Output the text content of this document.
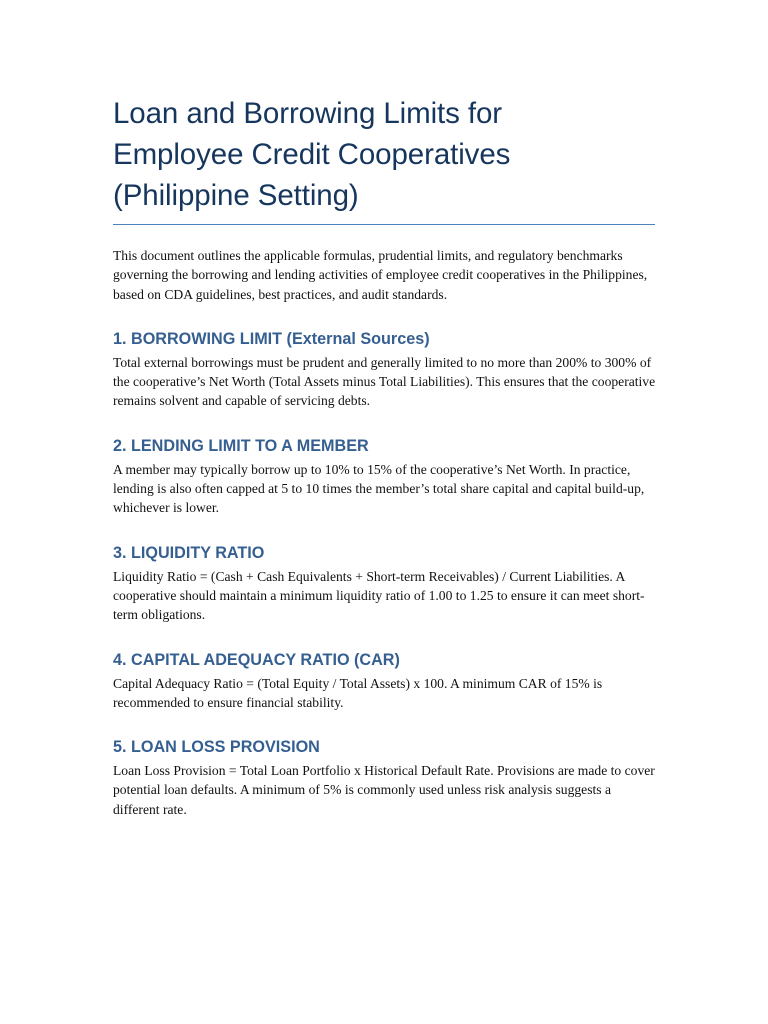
Loan and Borrowing Limits for
Employee Credit Cooperatives
(Philippine Setting)

This document outlines the applicable formulas, prudential limits, and regulatory benchmarks governing the borrowing and lending activities of employee credit cooperatives in the Philippines, based on CDA guidelines, best practices, and audit standards.

1. BORROWING LIMIT (External Sources)

Total external borrowings must be prudent and generally limited to no more than 200% to 300% of the cooperative’s Net Worth (Total Assets minus Total Liabilities). This ensures that the cooperative remains solvent and capable of servicing debts.

2. LENDING LIMIT TO A MEMBER

A member may typically borrow up to 10% to 15% of the cooperative’s Net Worth. In practice, lending is also often capped at 5 to 10 times the member’s total share capital and capital build-up, whichever is lower.

3. LIQUIDITY RATIO

Liquidity Ratio = (Cash + Cash Equivalents + Short-term Receivables) / Current Liabilities. A cooperative should maintain a minimum liquidity ratio of 1.00 to 1.25 to ensure it can meet short-term obligations.

4. CAPITAL ADEQUACY RATIO (CAR)

Capital Adequacy Ratio = (Total Equity / Total Assets) x 100. A minimum CAR of 15% is recommended to ensure financial stability.

5. LOAN LOSS PROVISION

Loan Loss Provision = Total Loan Portfolio x Historical Default Rate. Provisions are made to cover potential loan defaults. A minimum of 5% is commonly used unless risk analysis suggests a different rate.
